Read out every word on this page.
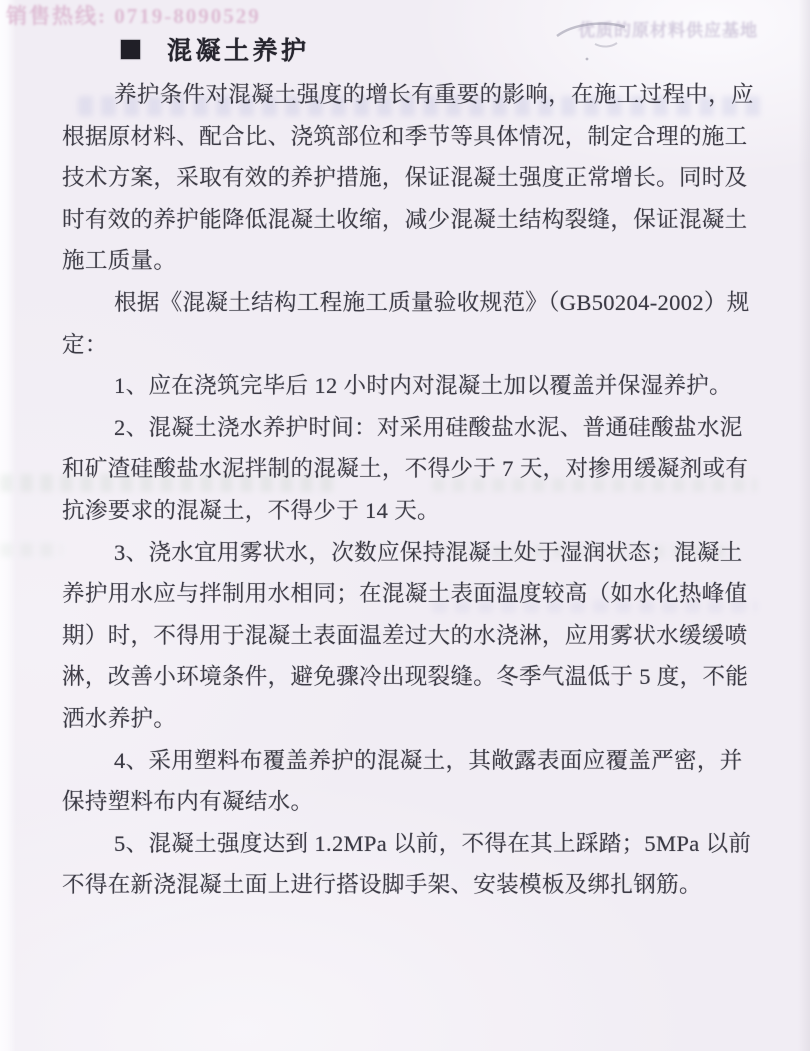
销售热线: 0719-8090529
优质的原材料供应基地
混凝土养护
养护条件对混凝土强度的增长有重要的影响，在施工过程中，应
根据原材料、配合比、浇筑部位和季节等具体情况，制定合理的施工
技术方案，采取有效的养护措施，保证混凝土强度正常增长。同时及
时有效的养护能降低混凝土收缩，减少混凝土结构裂缝，保证混凝土
施工质量。
根据《混凝土结构工程施工质量验收规范》（GB50204-2002）规
定：
1、应在浇筑完毕后 12 小时内对混凝土加以覆盖并保湿养护。
2、混凝土浇水养护时间：对采用硅酸盐水泥、普通硅酸盐水泥
和矿渣硅酸盐水泥拌制的混凝土，不得少于 7 天，对掺用缓凝剂或有
抗渗要求的混凝土，不得少于 14 天。
3、浇水宜用雾状水，次数应保持混凝土处于湿润状态；混凝土
养护用水应与拌制用水相同；在混凝土表面温度较高（如水化热峰值
期）时，不得用于混凝土表面温差过大的水浇淋，应用雾状水缓缓喷
淋，改善小环境条件，避免骤冷出现裂缝。冬季气温低于 5 度，不能
洒水养护。
4、采用塑料布覆盖养护的混凝土，其敞露表面应覆盖严密，并
保持塑料布内有凝结水。
5、混凝土强度达到 1.2MPa 以前，不得在其上踩踏；5MPa 以前
不得在新浇混凝土面上进行搭设脚手架、安装模板及绑扎钢筋。
